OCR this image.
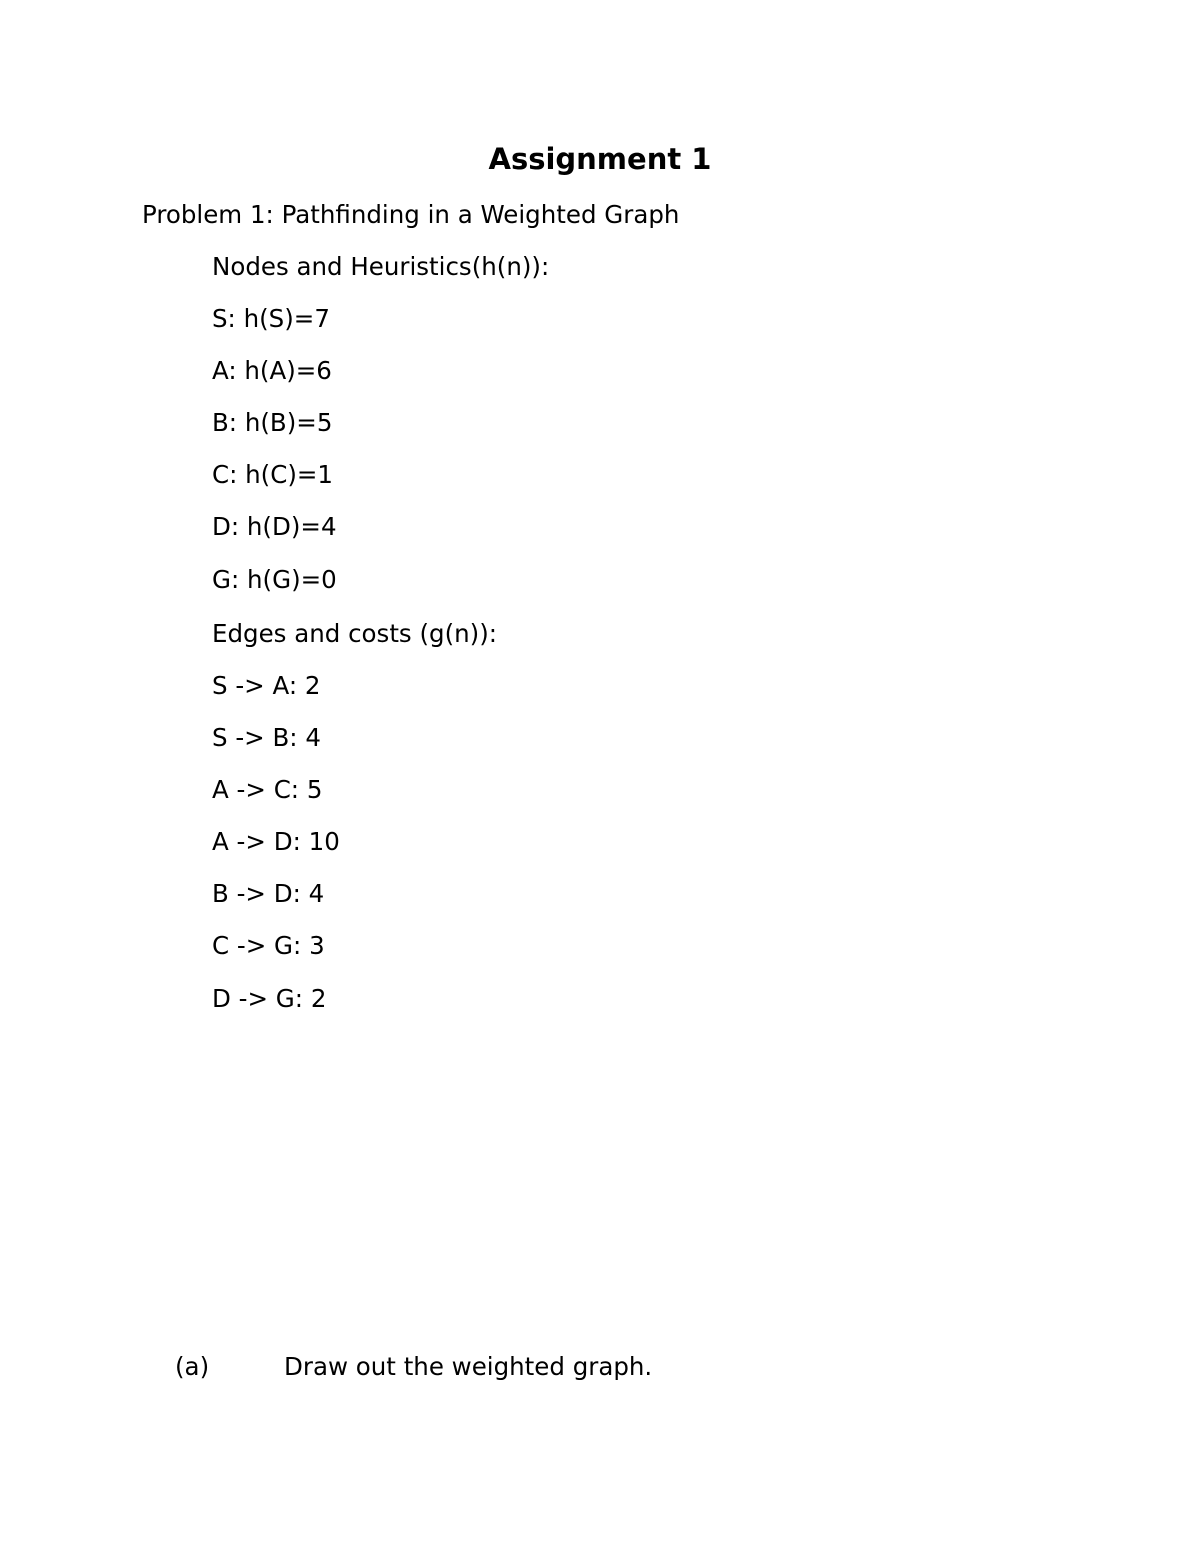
Assignment 1
Problem 1: Pathfinding in a Weighted Graph
Nodes and Heuristics(h(n)):
S: h(S)=7
A: h(A)=6
B: h(B)=5
C: h(C)=1
D: h(D)=4
G: h(G)=0
Edges and costs (g(n)):
S -> A: 2
S -> B: 4
A -> C: 5
A -> D: 10
B -> D: 4
C -> G: 3
D -> G: 2
(a)	Draw out the weighted graph.
